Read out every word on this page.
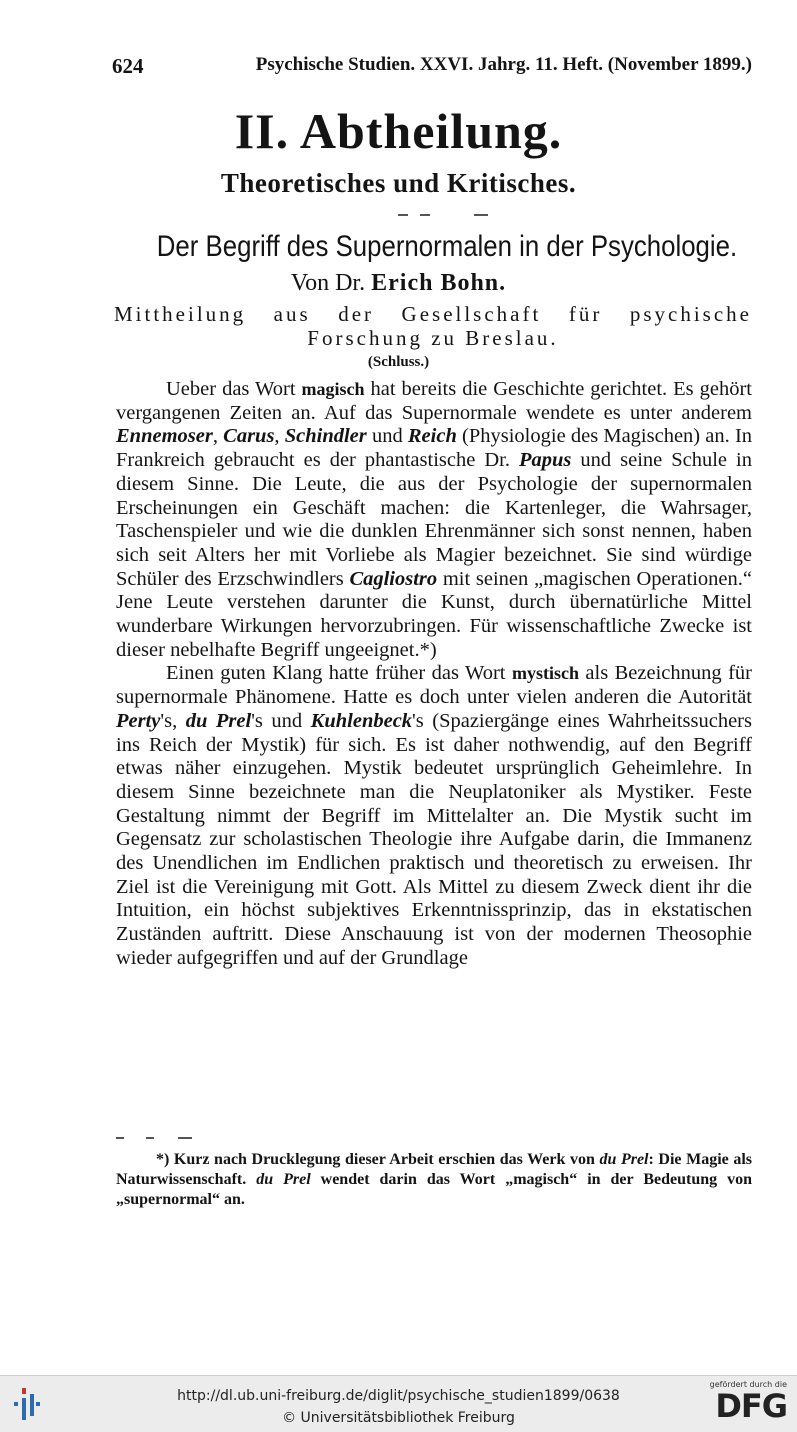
624	Psychische Studien. XXVI. Jahrg. 11. Heft. (November 1899.)
II. Abtheilung.
Theoretisches und Kritisches.
Der Begriff des Supernormalen in der Psychologie.
Von Dr. Erich Bohn.
Mittheilung aus der Gesellschaft für psychische Forschung zu Breslau.
(Schluss.)

Ueber das Wort magisch hat bereits die Geschichte gerichtet. Es gehört vergangenen Zeiten an. Auf das Supernormale wendete es unter anderem Ennemoser, Carus, Schindler und Reich (Physiologie des Magischen) an. In Frankreich gebraucht es der phantastische Dr. Papus und seine Schule in diesem Sinne. Die Leute, die aus der Psychologie der supernormalen Erscheinungen ein Geschäft machen: die Kartenleger, die Wahrsager, Taschenspieler und wie die dunklen Ehrenmänner sich sonst nennen, haben sich seit Alters her mit Vorliebe als Magier bezeichnet. Sie sind würdige Schüler des Erzschwindlers Cagliostro mit seinen „magischen Operationen.“ Jene Leute verstehen darunter die Kunst, durch übernatürliche Mittel wunderbare Wirkungen hervorzubringen. Für wissenschaftliche Zwecke ist dieser nebelhafte Begriff ungeeignet.*)

Einen guten Klang hatte früher das Wort mystisch als Bezeichnung für supernormale Phänomene. Hatte es doch unter vielen anderen die Autorität Perty's, du Prel's und Kuhlenbeck's (Spaziergänge eines Wahrheitssuchers ins Reich der Mystik) für sich. Es ist daher nothwendig, auf den Begriff etwas näher einzugehen. Mystik bedeutet ursprünglich Geheimlehre. In diesem Sinne bezeichnete man die Neuplatoniker als Mystiker. Feste Gestaltung nimmt der Begriff im Mittelalter an. Die Mystik sucht im Gegensatz zur scholastischen Theologie ihre Aufgabe darin, die Immanenz des Unendlichen im Endlichen praktisch und theoretisch zu erweisen. Ihr Ziel ist die Vereinigung mit Gott. Als Mittel zu diesem Zweck dient ihr die Intuition, ein höchst subjektives Erkenntnissprinzip, das in ekstatischen Zuständen auftritt. Diese Anschauung ist von der modernen Theosophie wieder aufgegriffen und auf der Grundlage

*) Kurz nach Drucklegung dieser Arbeit erschien das Werk von du Prel: Die Magie als Naturwissenschaft. du Prel wendet darin das Wort „magisch“ in der Bedeutung von „supernormal“ an.
http://dl.ub.uni-freiburg.de/diglit/psychische_studien1899/0638
© Universitätsbibliothek Freiburg
gefördert durch die
DFG
